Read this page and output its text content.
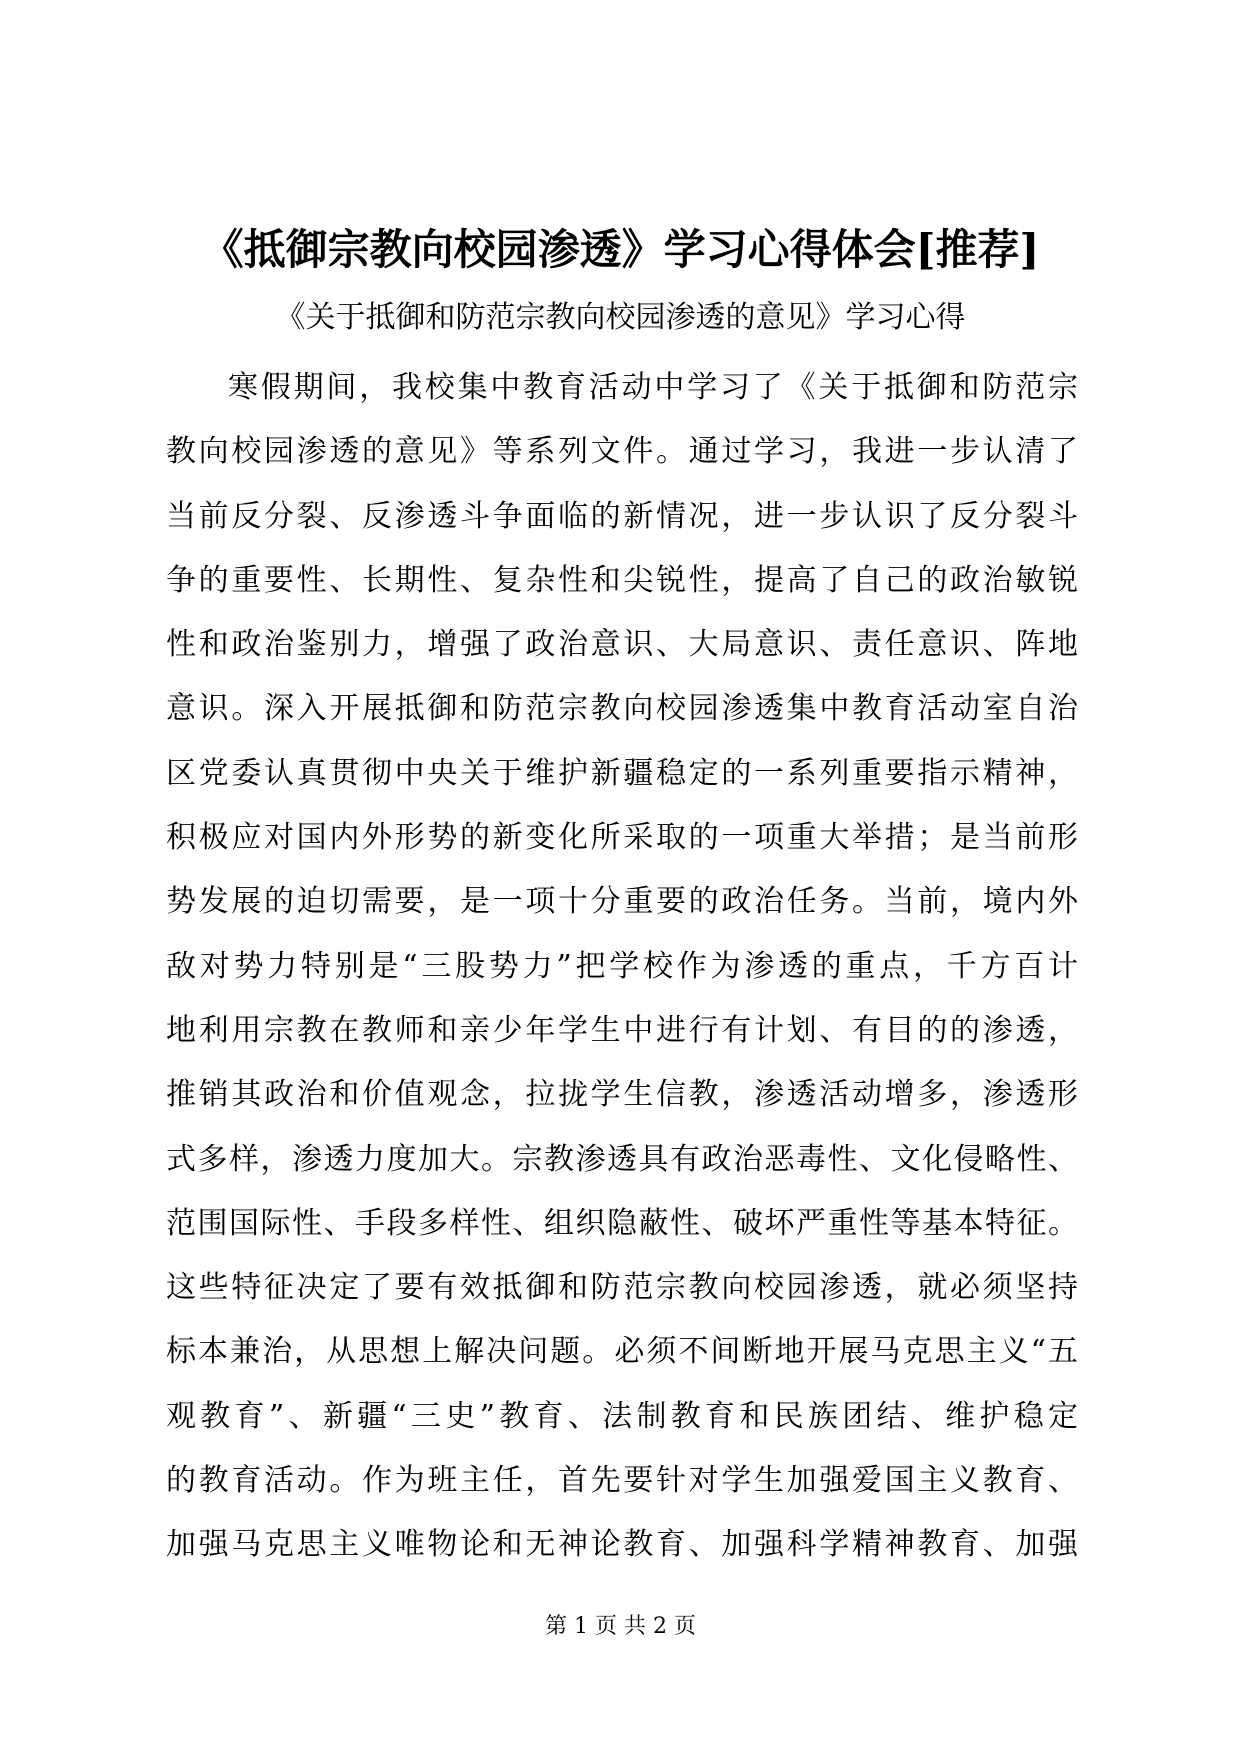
《抵御宗教向校园渗透》学习心得体会[推荐]
《关于抵御和防范宗教向校园渗透的意见》学习心得
寒假期间，我校集中教育活动中学习了《关于抵御和防范宗
教向校园渗透的意见》等系列文件。通过学习，我进一步认清了
当前反分裂、反渗透斗争面临的新情况，进一步认识了反分裂斗
争的重要性、长期性、复杂性和尖锐性，提高了自己的政治敏锐
性和政治鉴别力，增强了政治意识、大局意识、责任意识、阵地
意识。深入开展抵御和防范宗教向校园渗透集中教育活动室自治
区党委认真贯彻中央关于维护新疆稳定的一系列重要指示精神，
积极应对国内外形势的新变化所采取的一项重大举措；是当前形
势发展的迫切需要，是一项十分重要的政治任务。当前，境内外
敌对势力特别是“三股势力”把学校作为渗透的重点，千方百计
地利用宗教在教师和亲少年学生中进行有计划、有目的的渗透，
推销其政治和价值观念，拉拢学生信教，渗透活动增多，渗透形
式多样，渗透力度加大。宗教渗透具有政治恶毒性、文化侵略性、
范围国际性、手段多样性、组织隐蔽性、破坏严重性等基本特征。
这些特征决定了要有效抵御和防范宗教向校园渗透，就必须坚持
标本兼治，从思想上解决问题。必须不间断地开展马克思主义“五
观教育”、新疆“三史”教育、法制教育和民族团结、维护稳定
的教育活动。作为班主任，首先要针对学生加强爱国主义教育、
加强马克思主义唯物论和无神论教育、加强科学精神教育、加强
第 1 页 共 2 页
